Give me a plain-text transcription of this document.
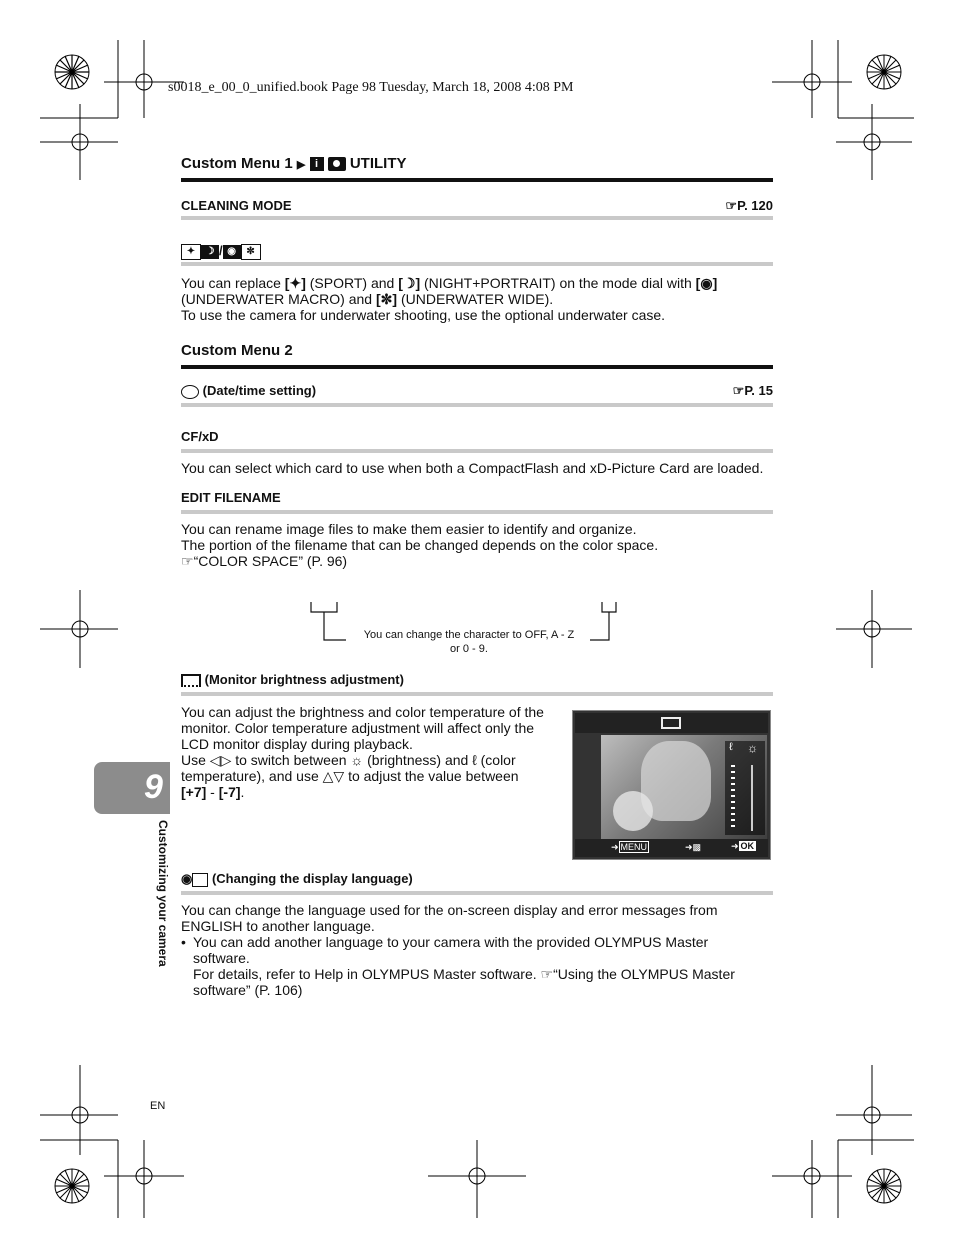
s0018_e_00_0_unified.book Page 98 Tuesday, March 18, 2008 4:08 PM
Custom Menu 1 ▶ i UTILITY
CLEANING MODE	☞P. 120
✦ ☽ / ◉ ✼
You can replace [✦] (SPORT) and [☽] (NIGHT+PORTRAIT) on the mode dial with [◉]
(UNDERWATER MACRO) and [✼] (UNDERWATER WIDE).
To use the camera for underwater shooting, use the optional underwater case.
Custom Menu 2
(Date/time setting)	☞P. 15
CF/xD
You can select which card to use when both a CompactFlash and xD-Picture Card are loaded.
EDIT FILENAME
You can rename image files to make them easier to identify and organize.
The portion of the filename that can be changed depends on the color space.
☞“COLOR SPACE” (P. 96)
You can change the character to OFF, A - Z
or 0 - 9.
(Monitor brightness adjustment)
You can adjust the brightness and color temperature of the
monitor. Color temperature adjustment will affect only the
LCD monitor display during playback.
Use ◁▷ to switch between ☼ (brightness) and ℓ (color
temperature), and use △▽ to adjust the value between
[+7] - [-7].
ℓ ☼
➜ MENU	➜▩	➜ OK
◉ (Changing the display language)
You can change the language used for the on-screen display and error messages from
ENGLISH to another language.
• You can add another language to your camera with the provided OLYMPUS Master
software.
For details, refer to Help in OLYMPUS Master software. ☞“Using the OLYMPUS Master
software” (P. 106)
9
Customizing your camera
EN
